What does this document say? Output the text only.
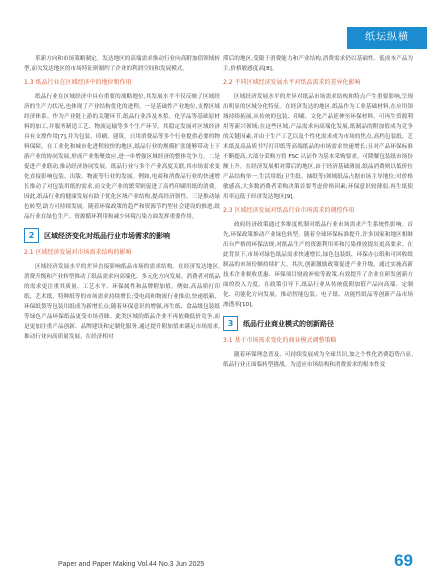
纸坛纵横

革新方向和市场策略制定。发达地区的高端需求推动行业向高附加值领域转型,而欠发达地区的市场特征则制约了企业的利润空间和发展模式。

1.3 纸品行业在区域经济中的地位和作用

纸品行业在区域经济中具有重要的战略地位,其发展水平不仅反映了区域经济的生产力状况,也体现了产业结构优化的进程。一是基础性产业地位,支撑区域经济体系。作为产业链上游的关键环节,纸品行业涉及木浆、化学品等基础原材料的加工,并服务制造工艺、物流运输等多个生产环节。其稳定发展对区域经济具有支撑作用[7],并为包装、印刷、建筑、日用消费品等多个行业提供必要的物料保障。在工业化和城市化进程较快的地区,纸品行业的规模扩张能够带动上下游产业的协同发展,形成产业集聚效应,进一步增强区域经济的整体竞争力。二是促进产业联动,推动经济协同发展。纸品行业与多个产业高度关联,其市场需求变化直接影响包装、出版、物流等行业的发展。例如,电商和消费品行业的快速增长推动了对包装用纸的需求,而文化产业的繁荣则促进了高档印刷用纸的消费。因此,纸品行业的健康发展有助于优化区域产业结构,提高经济韧性。三是推动绿色转型,助力可持续发展。随着环保政策的趋严和资源节约型社会建设的推进,纸品行业在绿色生产、资源循环利用和减少环境污染方面发挥重要作用。

2	区域经济变化对纸品行业市场需求的影响
2.1 区域经济发展对市场需求结构的影响

区域经济发展水平的差异直接影响纸品市场的需求结构。在经济发达地区,消费升级和产业转型推动了纸品需求向高端化、多元化方向发展。消费者对纸品的需求更注重其质量、工艺水平、环保属性和品牌附加值。例如,高品质打印纸、艺术纸、特种纸等的市场需求持续增长;受电商和物流行业推动,快递纸箱、环保纸袋等包装用纸成为新增长点;随着环保意识的增强,再生纸、食品级包装纸等绿色产品环保纸品更受市场青睐。此类区域的纸品企业不再依赖低价竞争,而是更加注重产品创新、品牌建设和定制化服务,通过提升附加值来满足市场需求,推动行业向高质量发展。在经济相对

滞后的地区,受限于消费能力和产业结构,消费需求仍以基础性、低成本产品为主,价格敏感度高[8]。

2.2 不同区域经济发展水平对纸品需求的差异化影响

区域经济发展水平的差异对纸品市场需求结构和特点产生重要影响,呈现出明显的区域分化特征。在经济发达的地区,纸品作为工业基础材料,在应用领域持续拓展,从传统的包装、印刷、文化产品延伸至环保材料、可再生资源利用等新兴领域;在这些区域,产品需求向高端化发展,纸制品的附加值成为竞争的关键因素,并由于生产工艺以及个性化需求成为市场的焦点,高档包装纸、艺术纸及高品质书写打印纸等高端纸品的市场需求快速增长;且对产品环保标准不断提高,大部分采购方将 FSC 认证作为基本采购要求。可降解包装纸市场份额上升。在经济发展相对滞后的地区,由于经济基础薄弱,纸品消费则以低价位产品结构单一,生活用纸(卫生纸、抽纸等)领域纸品占据市场主导地位;对价格敏感高,大多数消费者采购决策首要考虑价格因素;环保意识较薄弱,再生纸使用率远低于经济发达地区[9]。

2.3 区域经济发展对纸品行业市场需求的调控作用

政府经济政策通过多维度机制对纸品行业市场需求产生系统性影响。首先,环保政策推动产业绿色转型。随着全球环保标准提升,许多国家和地区相继出台严格的环保法规,对纸品生产的资源利用率和污染排放提出更高要求。在此背景下,市场对绿色纸品需求快速增长,绿色包装纸、环保办公纸和可回收纸制品的市场份额持续扩大。其次,创新激励政策促进产业升级。通过实施高新技术企业税收优惠、环保项目财政补贴等政策,有效提升了企业在研发创新方面的投入力度。在政策引导下,纸品行业从传统低附加值产品向高端、定制化、功能化方向发展。推动智能包装、电子纸、功能性纸品等创新产品市场渗透率[10]。

3	纸品行业商业模式的创新路径
3.1 基于市场需求变化的商业模式调整策略

随着环保理念普及、可持续发展成为全球共识,加之个性化消费趋势凸显,纸品行业正面临转型挑战。为适应市场结构和消费需求的根本性变

Paper and Paper Making Vol.44 No.3 Jun 2025	69
